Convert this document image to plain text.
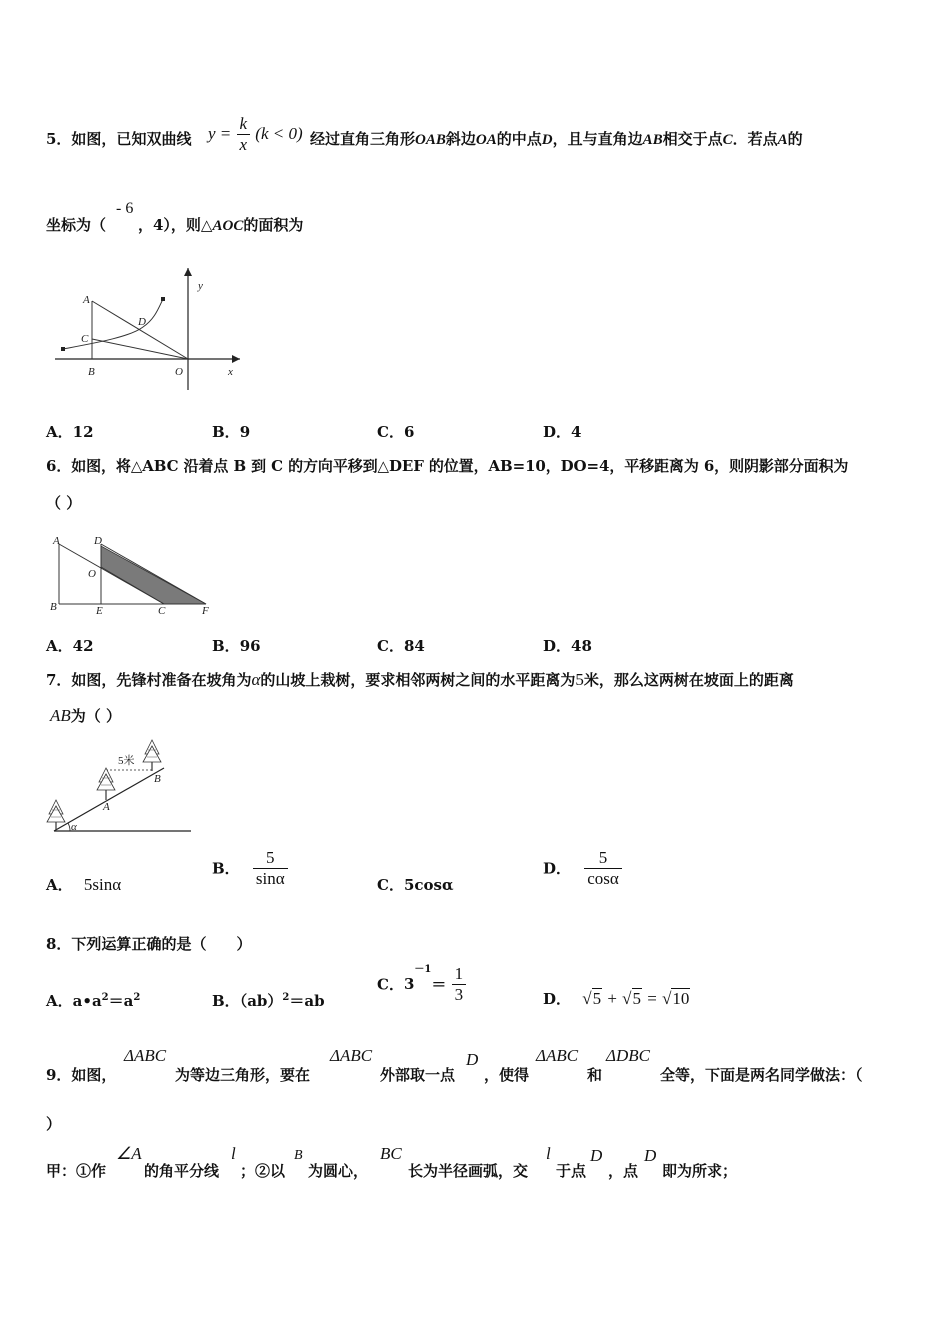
5．如图，已知双曲线 $y = \frac{k}{x} (k < 0)$ 经过直角三角形OAB斜边OA的中点D，且与直角边AB相交于点C．若点A的
坐标为（
- 6
，4），则△AOC的面积为
A
C
D
B	O	x
y
A．12	B．9	C．6	D．4
6．如图，将△ABC 沿着点 B 到 C 的方向平移到△DEF 的位置，AB=10，DO=4，平移距离为 6，则阴影部分面积为
（ ）
A	D
O
B	E	C	F
A．42	B．96	C．84	D．48
7．如图，先锋村准备在坡角为α的山坡上栽树，要求相邻两树之间的水平距离为5米，那么这两树在坡面上的距离
AB为（ ）
5米
A
B
α
A． 5sinα
B． $\frac{5}{\sin\alpha}$	C．5cosα
D． $\frac{5}{\cos\alpha}$
8．下列运算正确的是（　　）
A．$a•a^2=a^2$	B．（ab）$^2$＝ab
C．$3^{-1}= \frac{1}{3}$	D． √5 + √5 = √10
9．如图，
ΔABC
为等边三角形，要在
ΔABC
外部取一点
D
，使得
ΔABC
和
ΔDBC
全等，下面是两名同学做法：（
）
甲：①作
∠A
的角平分线
l
；②以
B
为圆心，
BC
长为半径画弧，交
l
于点
D
，点
D
即为所求；
